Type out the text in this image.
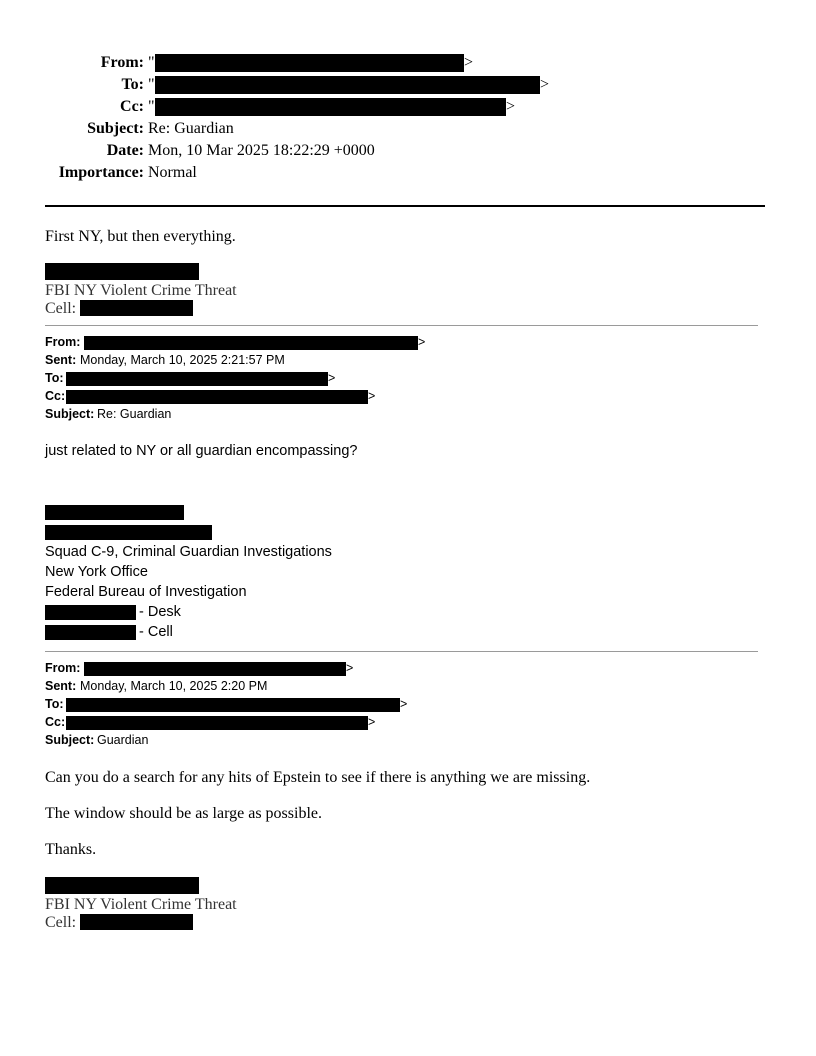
From: "	>
To: "	>
Cc: "	>
Subject: Re: Guardian
Date: Mon, 10 Mar 2025 18:22:29 +0000
Importance: Normal
First NY, but then everything.
FBI NY Violent Crime Threat
Cell:
From:	>
Sent: Monday, March 10, 2025 2:21:57 PM
To:	>
Cc:	>
Subject: Re: Guardian
just related to NY or all guardian encompassing?
Squad C-9, Criminal Guardian Investigations
New York Office
Federal Bureau of Investigation
- Desk
- Cell
From:	>
Sent: Monday, March 10, 2025 2:20 PM
To:	>
Cc:	>
Subject: Guardian
Can you do a search for any hits of Epstein to see if there is anything we are missing.
The window should be as large as possible.
Thanks.
FBI NY Violent Crime Threat
Cell:
